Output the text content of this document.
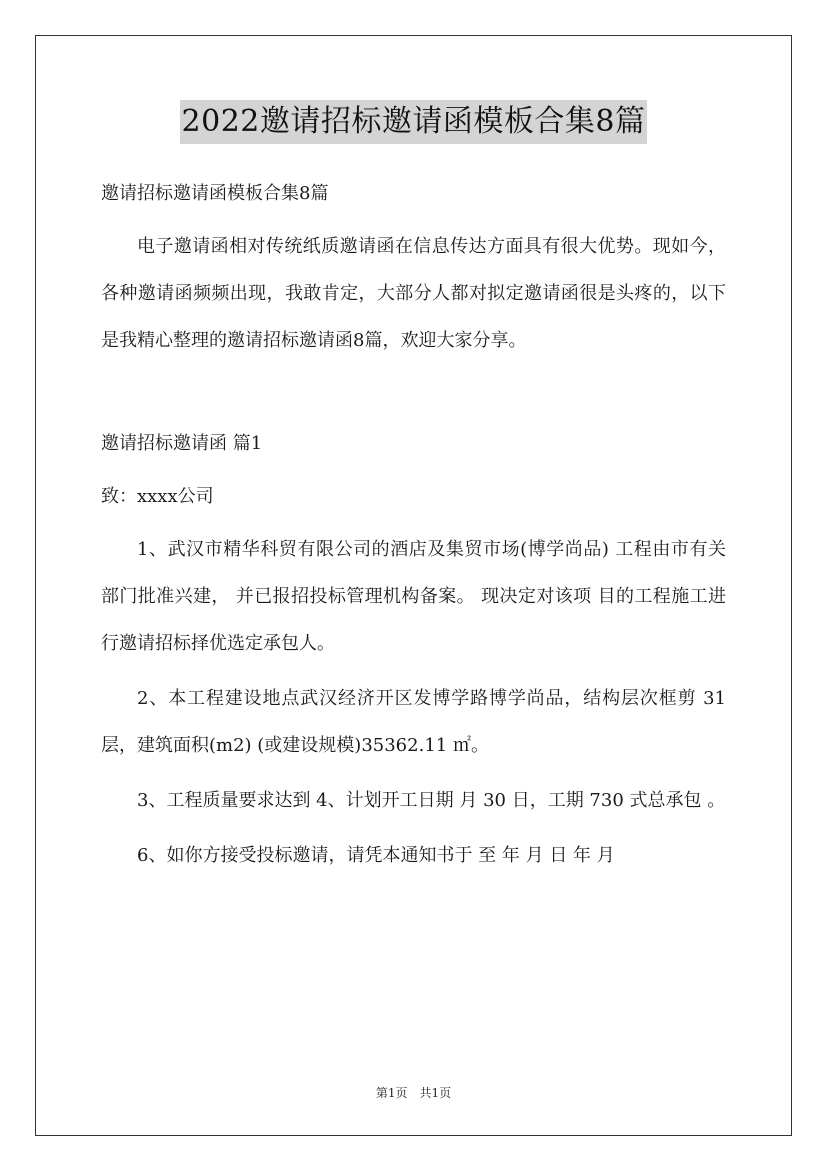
2022邀请招标邀请函模板合集8篇

邀请招标邀请函模板合集8篇

电子邀请函相对传统纸质邀请函在信息传达方面具有很大优势。现如今，各种邀请函频频出现，我敢肯定，大部分人都对拟定邀请函很是头疼的，以下是我精心整理的邀请招标邀请函8篇，欢迎大家分享。

邀请招标邀请函 篇1

致：xxxx公司

1、武汉市精华科贸有限公司的酒店及集贸市场(博学尚品) 工程由市有关部门批准兴建， 并已报招投标管理机构备案。 现决定对该项 目的工程施工进行邀请招标择优选定承包人。

2、本工程建设地点武汉经济开区发博学路博学尚品，结构层次框剪 31 层，建筑面积(m2) (或建设规模)35362.11 ㎡。

3、工程质量要求达到 4、计划开工日期 月 30 日，工期 730 式总承包 。

6、如你方接受投标邀请，请凭本通知书于 至 年 月 日 年 月

第1页 共1页
